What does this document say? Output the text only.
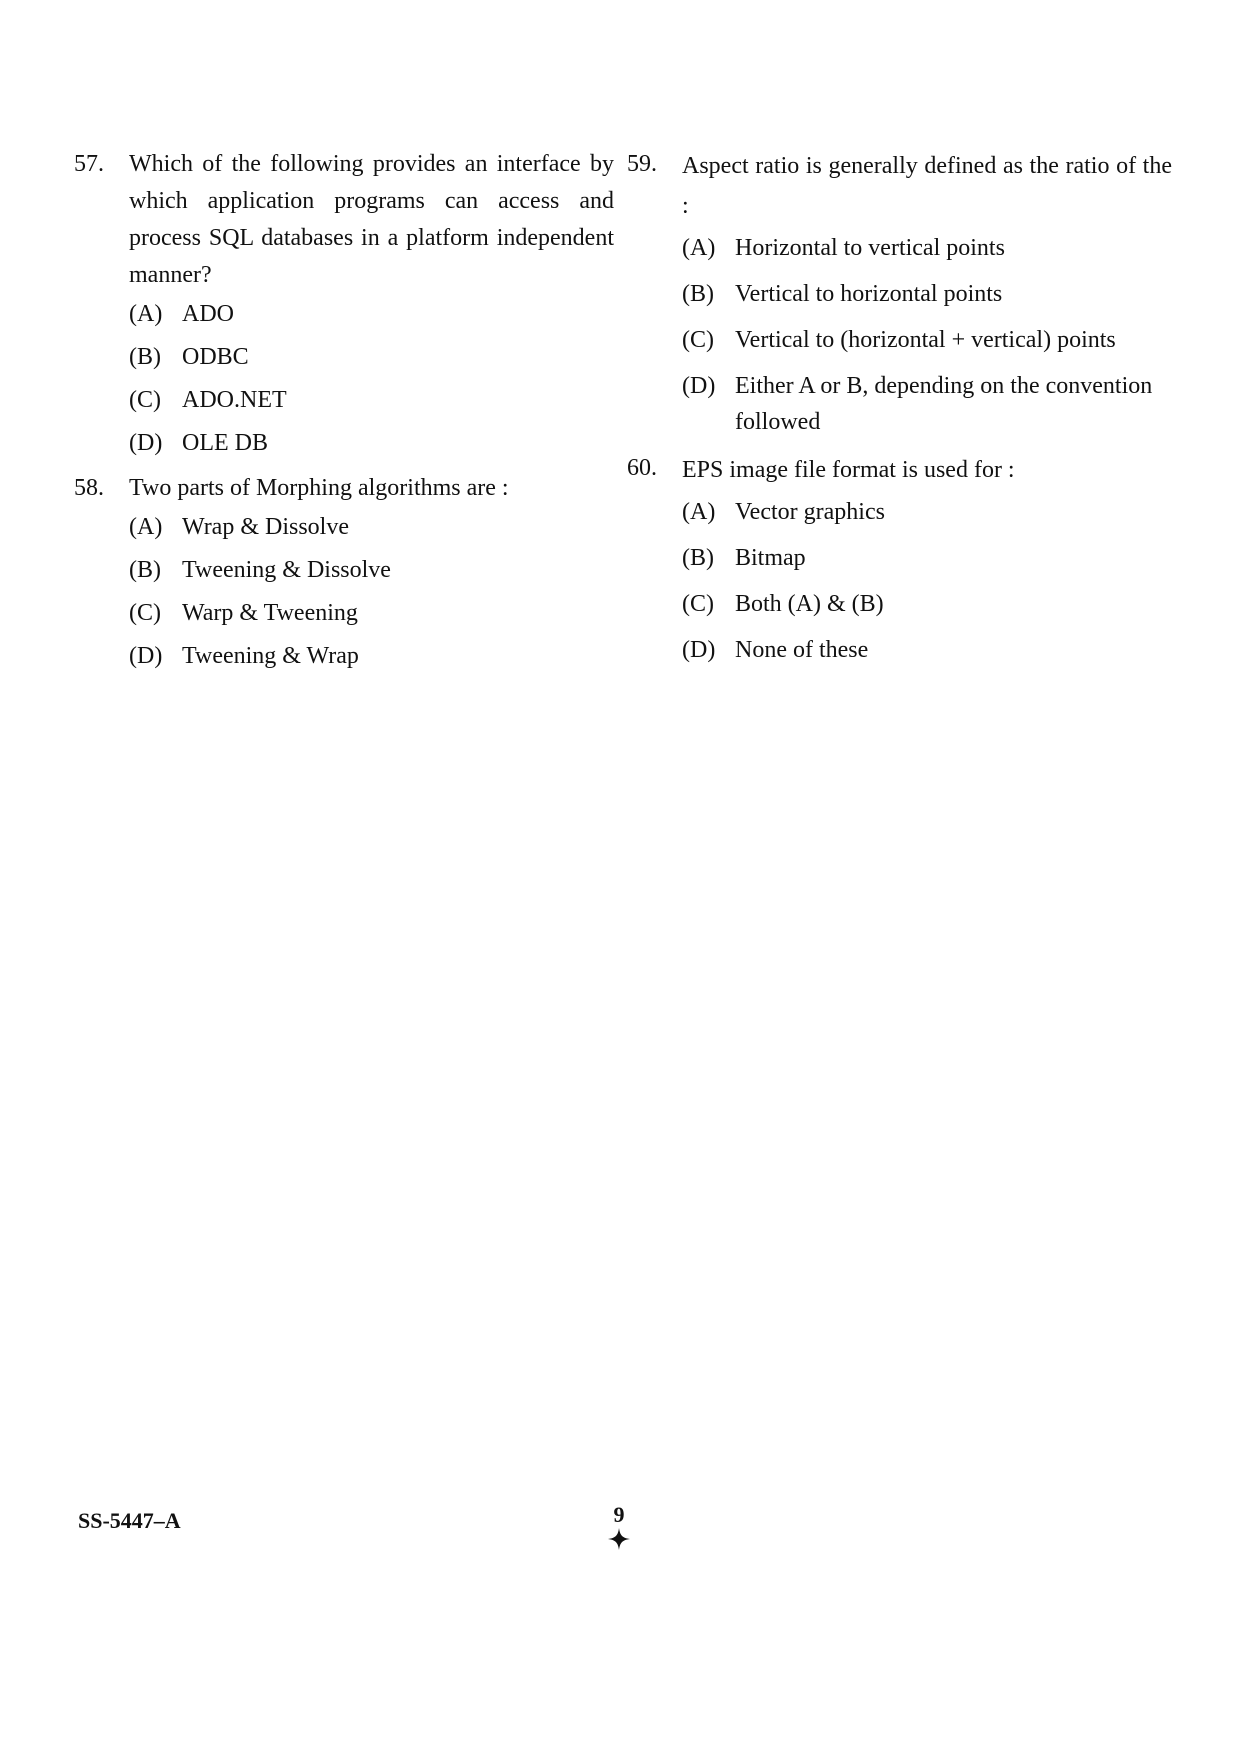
57. Which of the following provides an interface by which application programs can access and process SQL databases in a platform independent manner?
(A) ADO
(B) ODBC
(C) ADO.NET
(D) OLE DB
58. Two parts of Morphing algorithms are :
(A) Wrap & Dissolve
(B) Tweening & Dissolve
(C) Warp & Tweening
(D) Tweening & Wrap
59. Aspect ratio is generally defined as the ratio of the :
(A) Horizontal to vertical points
(B) Vertical to horizontal points
(C) Vertical to (horizontal + vertical) points
(D) Either A or B, depending on the convention followed
60. EPS image file format is used for :
(A) Vector graphics
(B) Bitmap
(C) Both (A) & (B)
(D) None of these
SS-5447–A	9
